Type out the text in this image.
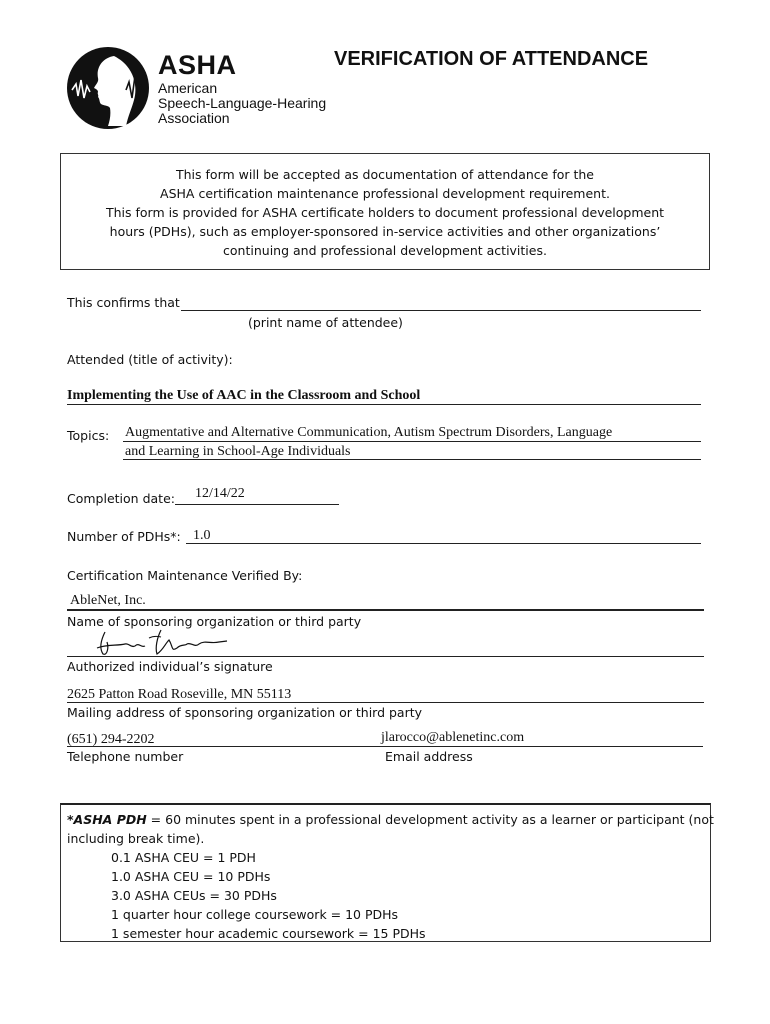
ASHA
American
Speech-Language-Hearing
Association
VERIFICATION OF ATTENDANCE
This form will be accepted as documentation of attendance for the
ASHA certification maintenance professional development requirement.
This form is provided for ASHA certificate holders to document professional development
hours (PDHs), such as employer-sponsored in-service activities and other organizations’
continuing and professional development activities.
This confirms that
(print name of attendee)
Attended (title of activity):
Implementing the Use of AAC in the Classroom and School
Topics: Augmentative and Alternative Communication, Autism Spectrum Disorders, Language
and Learning in School-Age Individuals
Completion date:	12/14/22
Number of PDHs*: 1.0
Certification Maintenance Verified By:
AbleNet, Inc.
Name of sponsoring organization or third party
Authorized individual’s signature
2625 Patton Road Roseville, MN 55113
Mailing address of sponsoring organization or third party
(651) 294-2202	jlarocco@ablenetinc.com
Telephone number	Email address
*ASHA PDH = 60 minutes spent in a professional development activity as a learner or participant (not
including break time).
0.1 ASHA CEU = 1 PDH
1.0 ASHA CEU = 10 PDHs
3.0 ASHA CEUs = 30 PDHs
1 quarter hour college coursework = 10 PDHs
1 semester hour academic coursework = 15 PDHs
